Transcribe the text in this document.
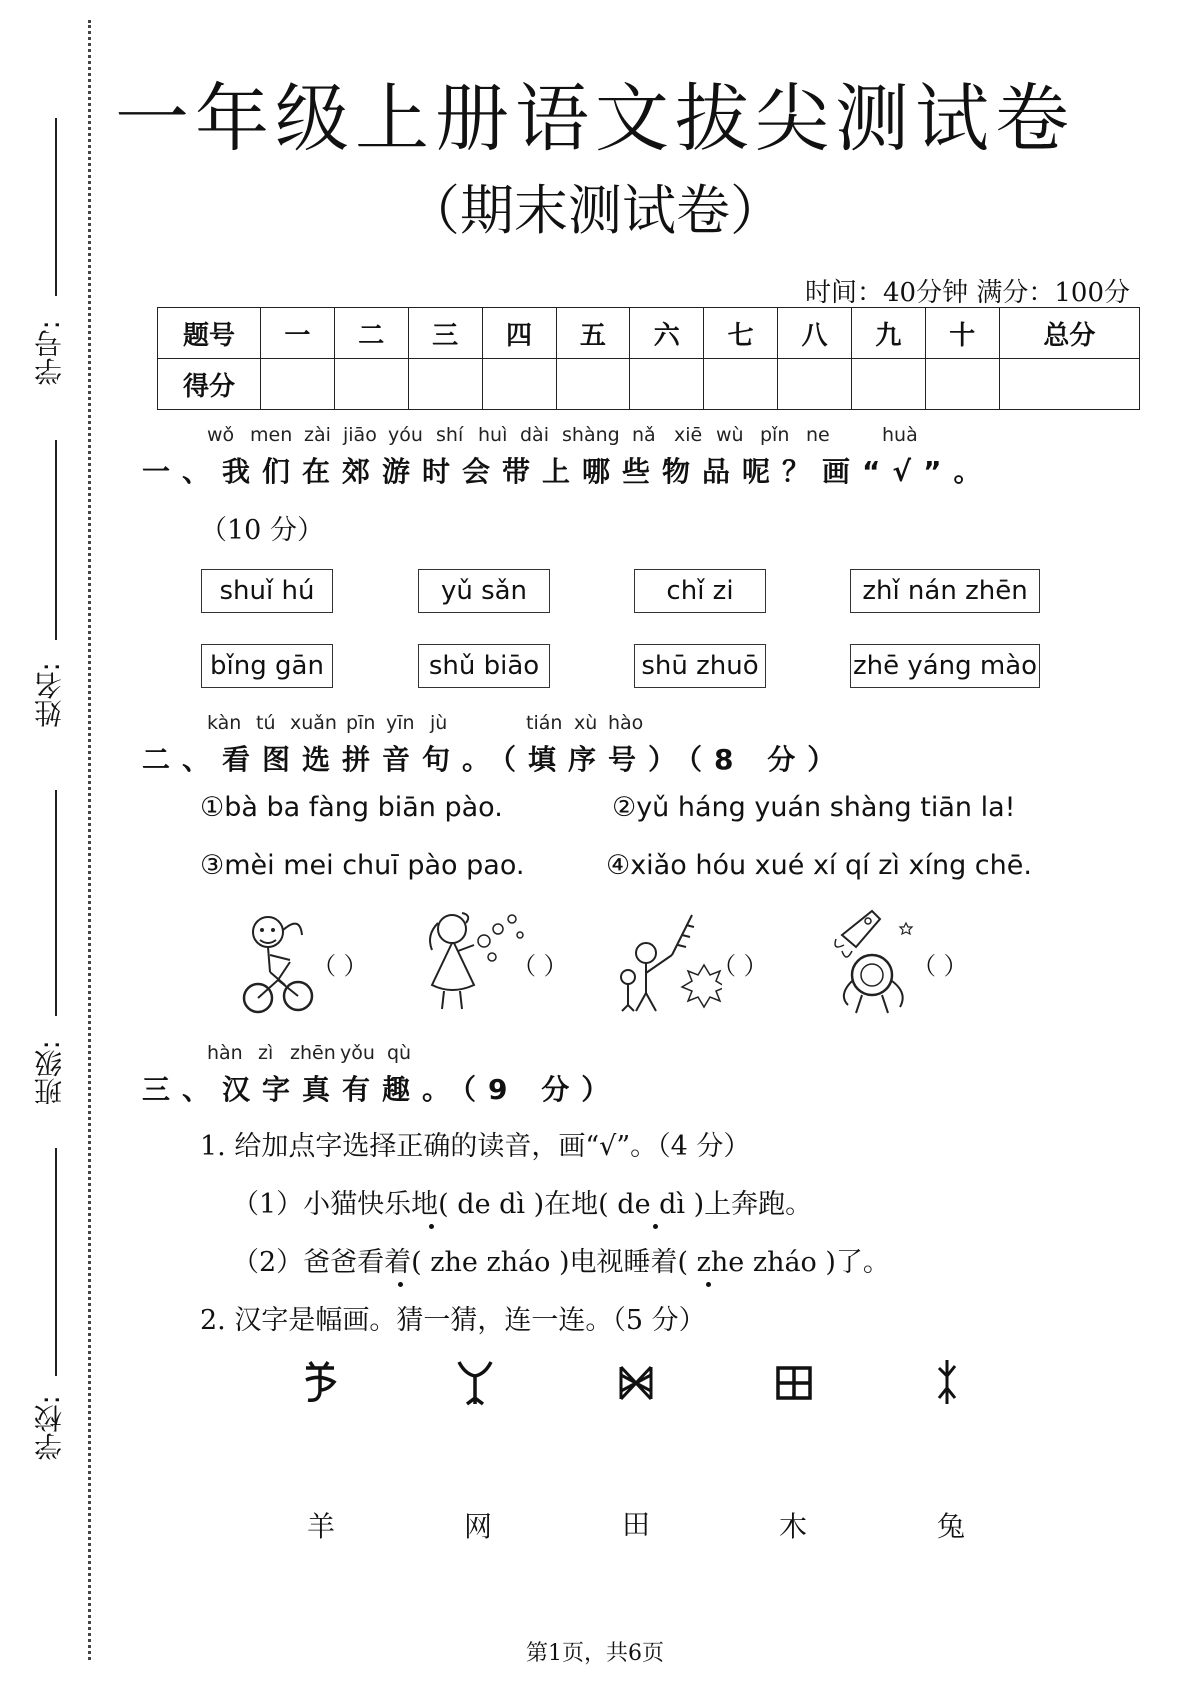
学号:
姓名:
班级:
学校:
一年级上册语文拔尖测试卷
（期末测试卷）
时间：40分钟 满分：100分
题号	一	二	三	四	五	六	七	八	九	十	总分
得分											
wǒ men zài jiāo yóu shí huì dài shàng nǎ xiē wù pǐn ne	huà
一、我们在郊游时会带上哪些物品呢？画“√”。
（10 分）
shuǐ hú	yǔ sǎn	chǐ zi	zhǐ nán zhēn
bǐng gān	shǔ biāo	shū zhuō	zhē yáng mào
kàn tú xuǎn pīn yīn jù	tián xù hào
二、看图选拼音句。（填序号）（8 分）
①bà ba fàng biān pào.	②yǔ háng yuán shàng tiān la!
③mèi mei chuī pào pao.	④xiǎo hóu xué xí qí zì xíng chē.
（ ）	（ ）	（ ）	（ ）
hàn zì zhēn yǒu qù
三、汉字真有趣。（9 分）
1. 给加点字选择正确的读音，画“√”。（4 分）
（1）小猫快乐地( de dì )在地( de dì )上奔跑。
（2）爸爸看着( zhe zháo )电视睡着( zhe zháo )了。
2. 汉字是幅画。猜一猜，连一连。（5 分）
羊	网	田	木	兔
第1页，共6页
